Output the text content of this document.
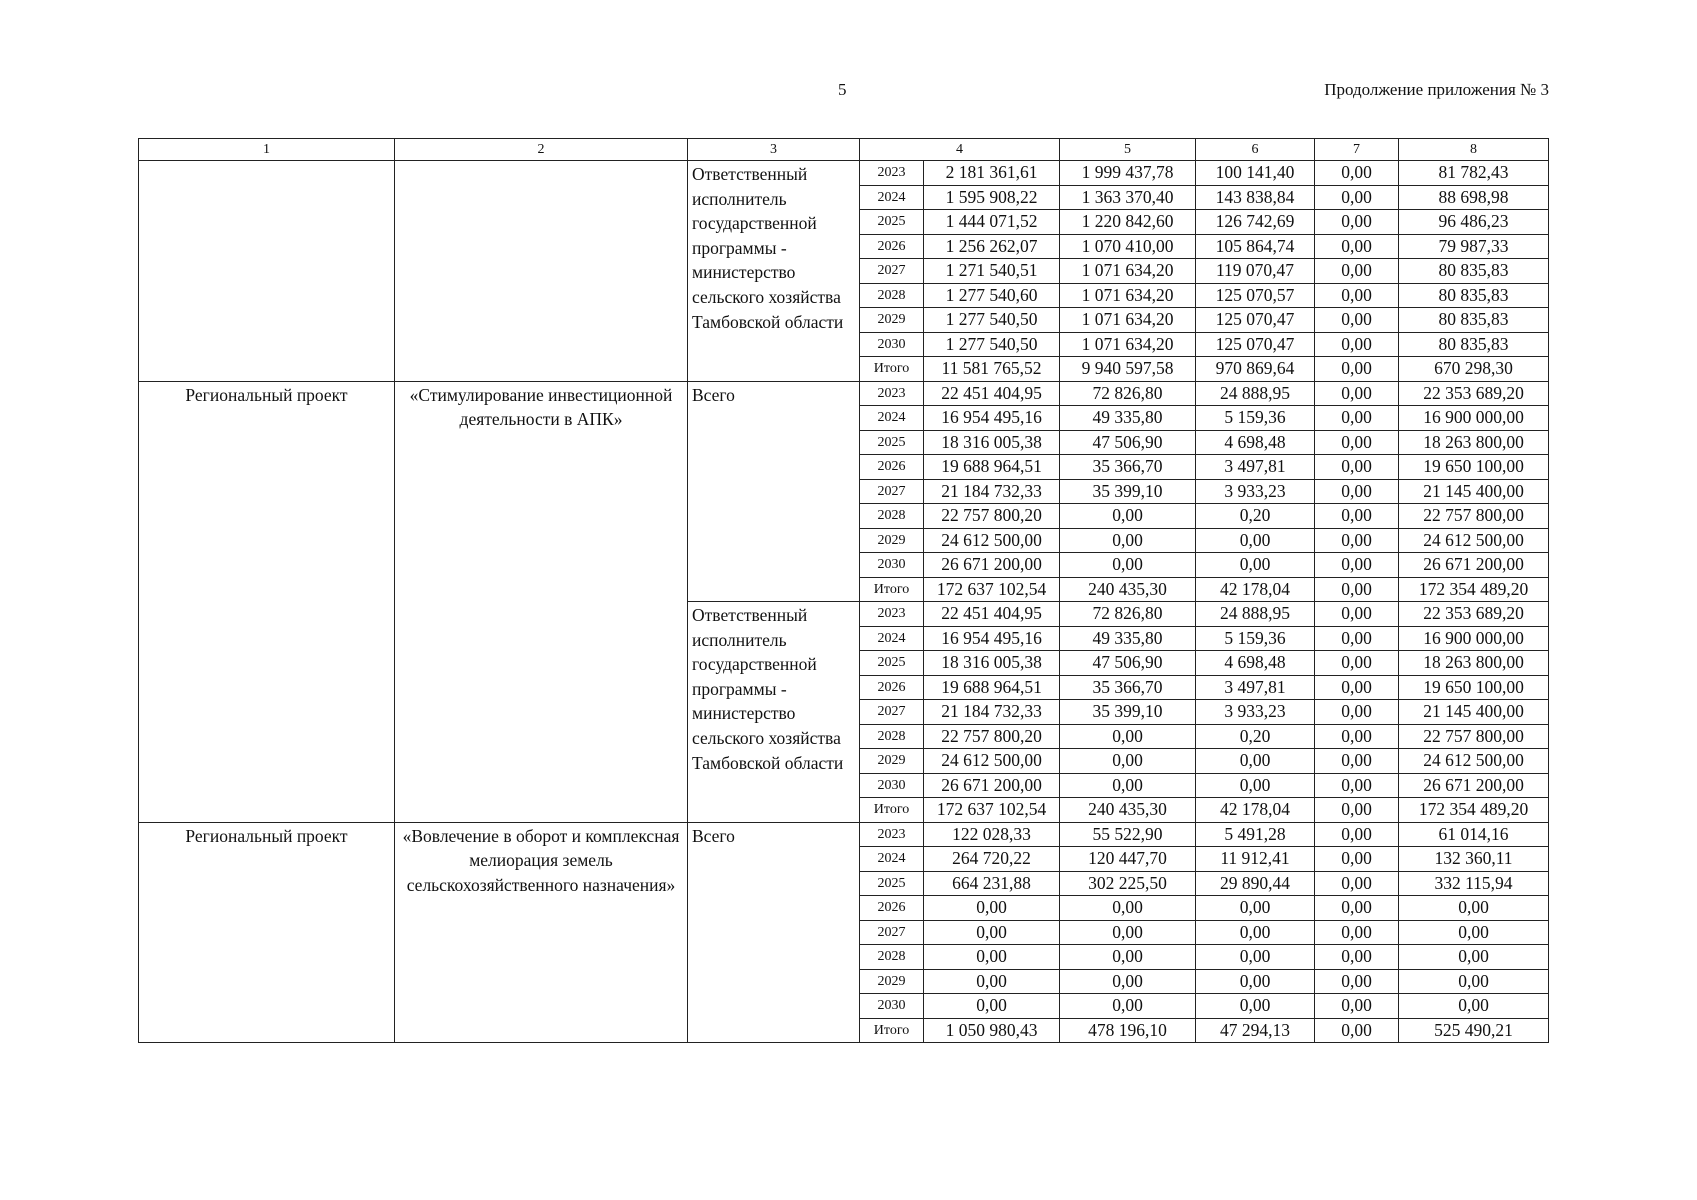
5	Продолжение приложения № 3
1	2	3	4		5	6	7	8
		Ответственный исполнитель государственной программы - министерство сельского хозяйства Тамбовской области	2023	2 181 361,61	1 999 437,78	100 141,40	0,00	81 782,43
			2024	1 595 908,22	1 363 370,40	143 838,84	0,00	88 698,98
			2025	1 444 071,52	1 220 842,60	126 742,69	0,00	96 486,23
			2026	1 256 262,07	1 070 410,00	105 864,74	0,00	79 987,33
			2027	1 271 540,51	1 071 634,20	119 070,47	0,00	80 835,83
			2028	1 277 540,60	1 071 634,20	125 070,57	0,00	80 835,83
			2029	1 277 540,50	1 071 634,20	125 070,47	0,00	80 835,83
			2030	1 277 540,50	1 071 634,20	125 070,47	0,00	80 835,83
			Итого	11 581 765,52	9 940 597,58	970 869,64	0,00	670 298,30
Региональный проект	«Стимулирование инвестиционной деятельности в АПК»	Всего	2023	22 451 404,95	72 826,80	24 888,95	0,00	22 353 689,20
			2024	16 954 495,16	49 335,80	5 159,36	0,00	16 900 000,00
			2025	18 316 005,38	47 506,90	4 698,48	0,00	18 263 800,00
			2026	19 688 964,51	35 366,70	3 497,81	0,00	19 650 100,00
			2027	21 184 732,33	35 399,10	3 933,23	0,00	21 145 400,00
			2028	22 757 800,20	0,00	0,20	0,00	22 757 800,00
			2029	24 612 500,00	0,00	0,00	0,00	24 612 500,00
			2030	26 671 200,00	0,00	0,00	0,00	26 671 200,00
			Итого	172 637 102,54	240 435,30	42 178,04	0,00	172 354 489,20
		Ответственный исполнитель государственной программы - министерство сельского хозяйства Тамбовской области	2023	22 451 404,95	72 826,80	24 888,95	0,00	22 353 689,20
			2024	16 954 495,16	49 335,80	5 159,36	0,00	16 900 000,00
			2025	18 316 005,38	47 506,90	4 698,48	0,00	18 263 800,00
			2026	19 688 964,51	35 366,70	3 497,81	0,00	19 650 100,00
			2027	21 184 732,33	35 399,10	3 933,23	0,00	21 145 400,00
			2028	22 757 800,20	0,00	0,20	0,00	22 757 800,00
			2029	24 612 500,00	0,00	0,00	0,00	24 612 500,00
			2030	26 671 200,00	0,00	0,00	0,00	26 671 200,00
			Итого	172 637 102,54	240 435,30	42 178,04	0,00	172 354 489,20
Региональный проект	«Вовлечение в оборот и комплексная мелиорация земель сельскохозяйственного назначения»	Всего	2023	122 028,33	55 522,90	5 491,28	0,00	61 014,16
			2024	264 720,22	120 447,70	11 912,41	0,00	132 360,11
			2025	664 231,88	302 225,50	29 890,44	0,00	332 115,94
			2026	0,00	0,00	0,00	0,00	0,00
			2027	0,00	0,00	0,00	0,00	0,00
			2028	0,00	0,00	0,00	0,00	0,00
			2029	0,00	0,00	0,00	0,00	0,00
			2030	0,00	0,00	0,00	0,00	0,00
			Итого	1 050 980,43	478 196,10	47 294,13	0,00	525 490,21
